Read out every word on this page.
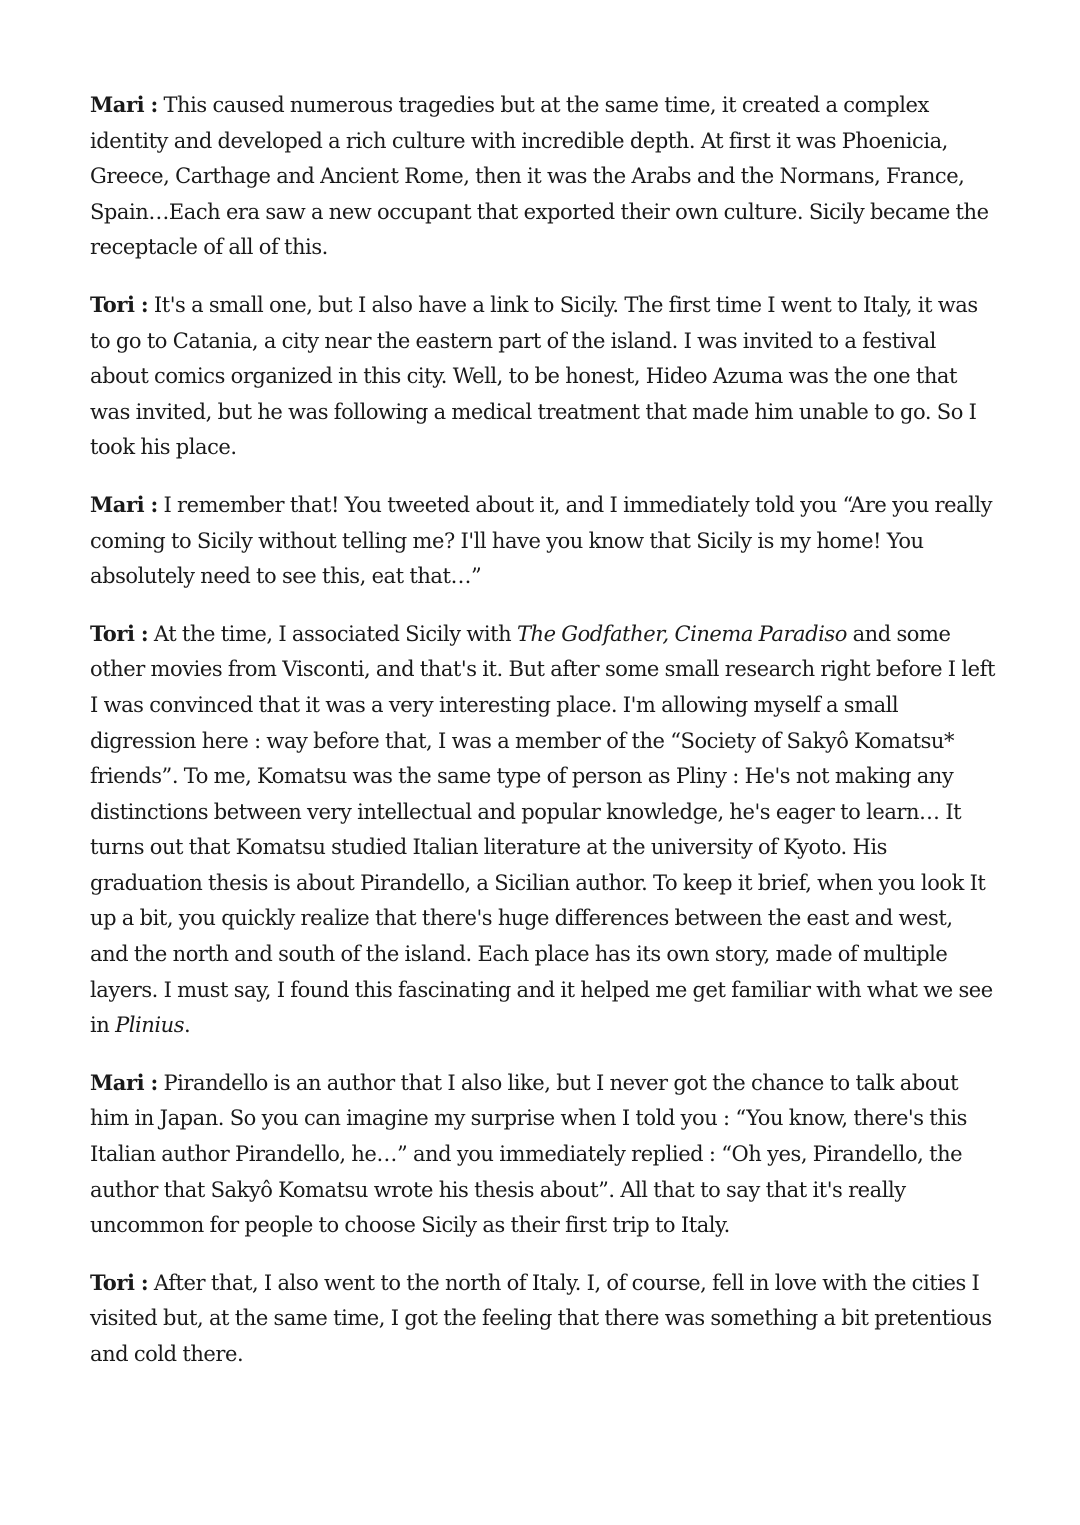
Mari : This caused numerous tragedies but at the same time, it created a complex identity and developed a rich culture with incredible depth. At first it was Phoenicia, Greece, Carthage and Ancient Rome, then it was the Arabs and the Normans, France, Spain…Each era saw a new occupant that exported their own culture. Sicily became the receptacle of all of this.

Tori : It's a small one, but I also have a link to Sicily. The first time I went to Italy, it was to go to Catania, a city near the eastern part of the island. I was invited to a festival about comics organized in this city. Well, to be honest, Hideo Azuma was the one that was invited, but he was following a medical treatment that made him unable to go. So I took his place.

Mari : I remember that! You tweeted about it, and I immediately told you “Are you really coming to Sicily without telling me? I'll have you know that Sicily is my home! You absolutely need to see this, eat that…”

Tori : At the time, I associated Sicily with The Godfather, Cinema Paradiso and some other movies from Visconti, and that's it. But after some small research right before I left I was convinced that it was a very interesting place. I'm allowing myself a small digression here : way before that, I was a member of the “Society of Sakyô Komatsu* friends”. To me, Komatsu was the same type of person as Pliny : He's not making any distinctions between very intellectual and popular knowledge, he's eager to learn… It turns out that Komatsu studied Italian literature at the university of Kyoto. His graduation thesis is about Pirandello, a Sicilian author. To keep it brief, when you look It up a bit, you quickly realize that there's huge differences between the east and west, and the north and south of the island. Each place has its own story, made of multiple layers. I must say, I found this fascinating and it helped me get familiar with what we see in Plinius.

Mari : Pirandello is an author that I also like, but I never got the chance to talk about him in Japan. So you can imagine my surprise when I told you : “You know, there's this Italian author Pirandello, he…” and you immediately replied : “Oh yes, Pirandello, the author that Sakyô Komatsu wrote his thesis about”. All that to say that it's really uncommon for people to choose Sicily as their first trip to Italy.

Tori : After that, I also went to the north of Italy. I, of course, fell in love with the cities I visited but, at the same time, I got the feeling that there was something a bit pretentious and cold there.
